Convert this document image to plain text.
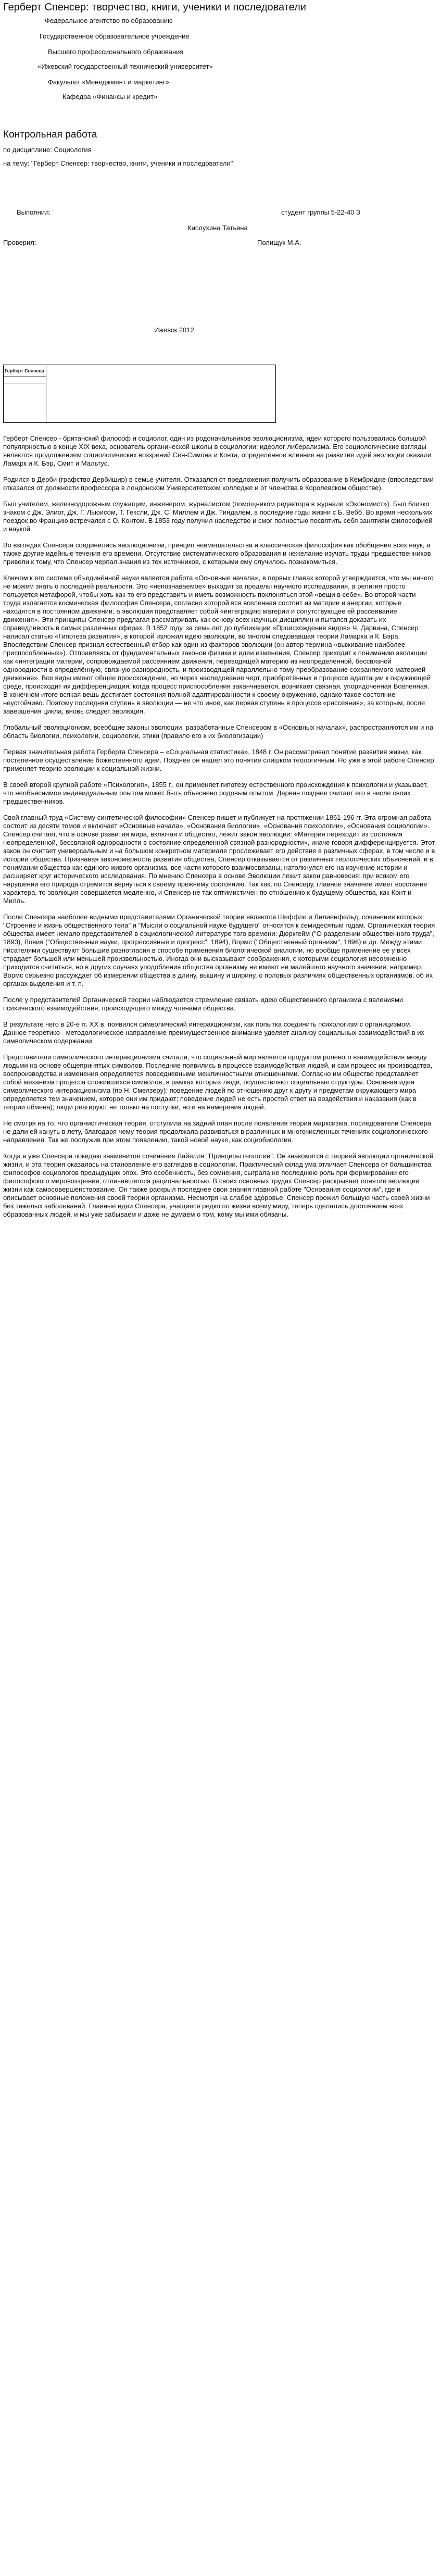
Герберт Спенсер: творчество, книги, ученики и последователи
Федеральное агентство по образованию
Государственное образовательное учреждение
Высшего профессионального образования
«Ижевский государственный технический университет»
Факультет «Менеджмент и маркетинг»
Кафедра «Финансы и кредит»
Контрольная работа
по дисциплине: Социология
на тему: "Герберт Спенсер: творчество, книги, ученики и последователи"
Выполнил:	студент группы 5-22-40 З
Кислухина Татьяна
Проверил:	Полищук М.А.
Ижевск 2012
Герберт Спенсер

Герберт Спенсер - британский философ и социолог, один из родоначальников эволюционизма, идеи которого пользовались большой популярностью в конце XIX века, основатель органической школы в социологии; идеолог либерализма. Его социологические взгляды являются продолжением социологических воззрений Сен-Симона и Конта, определённое влияние на развитие идей эволюции оказали Ламарк и К. Бэр, Смит и Мальтус.

Родился в Дерби (графство Дербишир) в семье учителя. Отказался от предложения получить образование в Кембридже (впоследствии отказался от должности профессора в лондонском Университетском колледже и от членства в Королевском обществе).

Был учителем, железнодорожным служащим, инженером, журналистом (помощником редактора в журнале «Экономист»). Был близко знаком с Дж. Элиот, Дж. Г. Льюисом, Т. Гексли, Дж. С. Миллем и Дж. Тиндалем, в последние годы жизни с Б. Вебб. Во время нескольких поездок во Францию встречался с О. Контом. В 1853 году получил наследство и смог полностью посвятить себя занятиям философией и наукой.

Во взглядах Спенсера соединились эволюционизм, принцип невмешательства и классическая философия как обобщение всех наук, а также другие идейные течения его времени. Отсутствие систематического образования и нежелание изучать труды предшественников привели к тому, что Спенсер черпал знания из тех источников, с которыми ему случилось познакомиться.

Ключом к его системе объединённой науки является работа «Основные начала», в первых главах которой утверждается, что мы ничего не можем знать о последней реальности. Это «непознаваемое» выходит за пределы научного исследования, а религия просто пользуется метафорой, чтобы хоть как-то его представить и иметь возможность поклоняться этой «вещи в себе». Во второй части труда излагается космическая философия Спенсера, согласно которой вся вселенная состоит из материи и энергии, которые находятся в постоянном движении, а эволюция представляет собой «интеграцию материи и сопутствующее ей рассеивание движения». Эти принципы Спенсер предлагал рассматривать как основу всех научных дисциплин и пытался доказать их справедливость в самых различных сферах. В 1852 году, за семь лет до публикации «Происхождения видов» Ч. Дарвина, Спенсер написал статью «Гипотеза развития», в которой изложил идею эволюции, во многом следовавшая теории Ламарка и К. Бэра. Впоследствии Спенсер признал естественный отбор как один из факторов эволюции (он автор термина «выживание наиболее приспособленных»). Отправляясь от фундаментальных законов физики и идеи изменения, Спенсер приходит к пониманию эволюции как «интеграции материи, сопровождаемой рассеянием движения, переводящей материю из неопределённой, бессвязной однородности в определённую, связную разнородность, и производящей параллельно тому преобразование сохраняемого материей движения». Все виды имеют общее происхождение, но через наследование черт, приобретённых в процессе адаптации к окружающей среде, происходит их дифференциация; когда процесс приспособления заканчивается, возникает связная, упорядоченная Вселенная. В конечном итоге всякая вещь достигает состояния полной адаптированности к своему окружению, однако такое состояние неустойчиво. Поэтому последняя ступень в эволюции — не что иное, как первая ступень в процессе «рассеяния», за которым, после завершения цикла, вновь следует эволюция.

Глобальный эволюционизм, всеобщие законы эволюции, разработанные Спенсером в «Основных началах», распространяются им и на область биологии, психологии, социологии, этики (правило его к их биологизации)

Первая значительная работа Герберта Спенсера – «Социальная статистика», 1848 г. Он рассматривал понятие развития жизни, как постепенное осуществление божественного идеи. Позднее он нашел это понятие слишком теологичным. Но уже в этой работе Спенсер применяет теорию эволюции к социальной жизни.

В своей второй крупной работе «Психология», 1855 г., он применяет гипотезу естественного происхождения к психологии и указывает, что необъяснимое индивидуальным опытом может быть объяснено родовым опытом. Дарвин позднее считает его в числе своих предшественников.

Свой главный труд «Систему синтетической философии» Спенсер пишет и публикует на протяжении 1861-196 гг. Эта огромная работа состоит из десяти томов и включает «Основные начала», «Основания биологии», «Основания психологии», «Основания социологии». Спенсер считает, что в основе развития мира, включая и общество, лежит закон эволюции: «Материя переходит из состояния неопределенной, бессвязной однородности в состояние определенной связной разнородности», иначе говоря дифференцируется. Этот закон он считает универсальным и на большом конкретном материале прослеживает его действие в различных сферах, в том числе и в истории общества. Признавая закономерность развития общества, Спенсер отказывается от различных теологических объяснений, и в понимании общества как единого живого организма, все части которого взаимосвязаны, натолкнулся его на изучение истории и расширяет круг исторического исследования. По мнению Спенсера в основе Эволюции лежит закон равновесия: при всяком его нарушении его природа стремится вернуться к своему прежнему состоянию. Так как, по Спенсеру, главное значение имеет восстание характера, то эволюция совершается медленно, и Спенсер не так оптимистичен по отношению к будущему общества, как Конт и Милль.

После Спенсера наиболее видными представителями Органической теории являются Шеффле и Лилиенфельд, сочинения которых: "Строение и жизнь общественного тела" и "Мысли о социальной науке будущего" относятся к семидесятым годам. Органическая теория общества имеет немало представителей в социологической литературе того времени: Дюркгейм ("О разделении общественного труда", 1893), Ловия ("Общественные науки, прогрессивные и прогресс", 1894), Вормс ("Общественный организм", 1896) и др. Между этими писателями существуют большие разногласия в способе применения биологической аналогии, но вообще применение ее у всех страдает большой или меньшей произвольностью. Иногда они высказывают соображения, с которыми социология несомненно приходится считаться, но в других случаях уподобления общества организму не имеют ни малейшего научного значения; например, Вормс серьезно рассуждает об измерении общества в длину, вышину и ширину, о половых различиях общественных организмов, об их органах выделения и т. п.

После у представителей Органической теории наблюдается стремление связать идею общественного организма с явлениями психического взаимодействия, происходящего между членами общества.

В результате чего в 20-е гг. XX в. появился символический интеракционизм, как попытка соединить психологизм с органицизмом. Данное теоретико - методологическое направление преимущественное внимание уделяет анализу социальных взаимодействий в их символическом содержании.

Представители символического интеракционизма считали, что социальный мир является продуктом ролевого взаимодействия между людьми на основе общепринятых символов. Последние появились в процессе взаимодействия людей, и сам процесс их производства, воспроизводства и изменения определяется повседневными межличностными отношениями. Согласно им общество представляет собой механизм процесса сложившихся символов, в рамках которых люди, осуществляют социальные структуры. Основная идея символического интеракционизма (по Н. Смелзеру): поведение людей по отношению друг к другу и предметам окружающего мира определяется тем значением, которое они им придают; поведение людей не есть простой ответ на воздействия и наказания (как в теории обмена); люди реагируют не только на поступки, но и на намерения людей.

Не смотря на то, что органистическая теория, отступила на задний план после появления теории марксизма, последователи Спенсера не дали ей кануть в лету, благодаря чему теория продолжала развиваться в различных и многочисленных течениях социологического направления. Так же послужив при этом появлению, такой новой науке, как социобиология.

Когда я уже Спенсера покидаю знаменитое сочинение Лайелля "Принципы геологии". Он знакомится с теорией эволюции органической жизни, и эта теория оказалась на становление его взглядов в социологии. Практический склад ума отличает Спенсера от большинства философов-социологов предыдущих эпох. Это особенность, без сомнения, сыграла не последнюю роль при формировании его философского мировоззрения, отличавшегося рациональностью. В своих основных трудах Спенсер раскрывает понятие эволюции жизни как самосовершенствование. Он также раскрыл последнее свои знания главной работе "Основания социологии", где и описывает основные положения своей теории организма. Несмотря на слабое здоровье, Спенсер прожил большую часть своей жизни без тяжелых заболеваний. Главные идеи Спенсера, учащиеся редко по жизни всему миру, теперь сделались достоянием всех образованных людей, и мы уже забываем и даже не думаем о том, кому мы ими обязаны.
